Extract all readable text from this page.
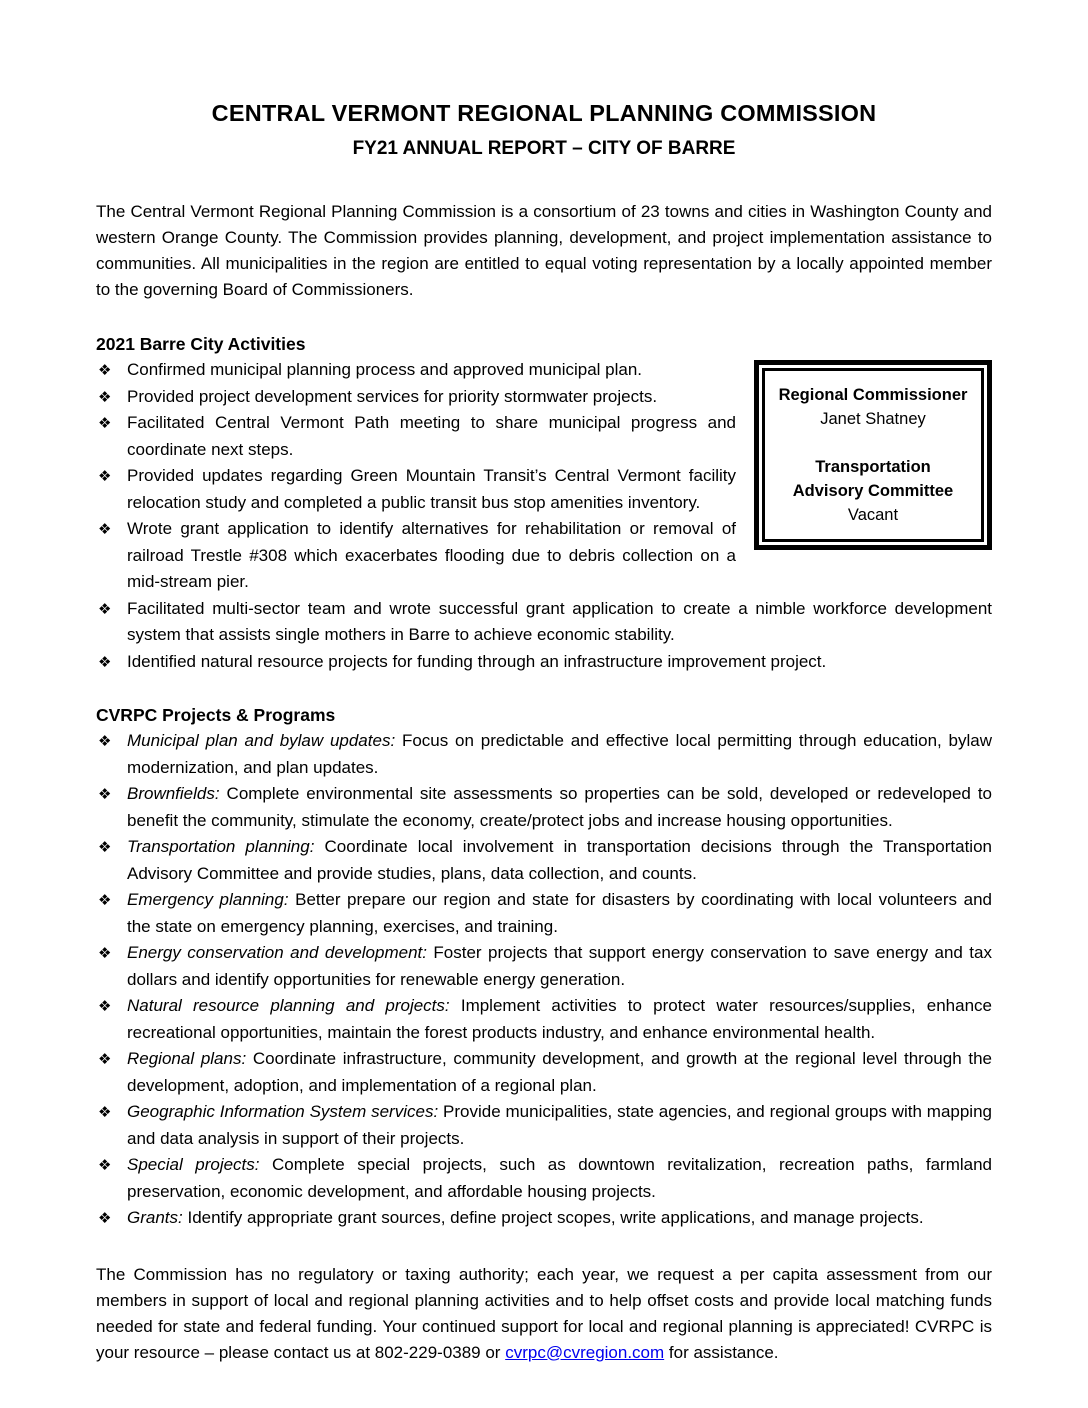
CENTRAL VERMONT REGIONAL PLANNING COMMISSION
FY21 ANNUAL REPORT – CITY OF BARRE

The Central Vermont Regional Planning Commission is a consortium of 23 towns and cities in Washington County and western Orange County. The Commission provides planning, development, and project implementation assistance to communities. All municipalities in the region are entitled to equal voting representation by a locally appointed member to the governing Board of Commissioners.

2021 Barre City Activities
Regional Commissioner
Janet Shatney
Transportation
Advisory Committee
Vacant
❖ Confirmed municipal planning process and approved municipal plan.
❖ Provided project development services for priority stormwater projects.
❖ Facilitated Central Vermont Path meeting to share municipal progress and coordinate next steps.
❖ Provided updates regarding Green Mountain Transit’s Central Vermont facility relocation study and completed a public transit bus stop amenities inventory.
❖ Wrote grant application to identify alternatives for rehabilitation or removal of railroad Trestle #308 which exacerbates flooding due to debris collection on a mid-stream pier.
❖ Facilitated multi-sector team and wrote successful grant application to create a nimble workforce development system that assists single mothers in Barre to achieve economic stability.
❖ Identified natural resource projects for funding through an infrastructure improvement project.
CVRPC Projects & Programs
❖ Municipal plan and bylaw updates: Focus on predictable and effective local permitting through education, bylaw modernization, and plan updates.
❖ Brownfields: Complete environmental site assessments so properties can be sold, developed or redeveloped to benefit the community, stimulate the economy, create/protect jobs and increase housing opportunities.
❖ Transportation planning: Coordinate local involvement in transportation decisions through the Transportation Advisory Committee and provide studies, plans, data collection, and counts.
❖ Emergency planning: Better prepare our region and state for disasters by coordinating with local volunteers and the state on emergency planning, exercises, and training.
❖ Energy conservation and development: Foster projects that support energy conservation to save energy and tax dollars and identify opportunities for renewable energy generation.
❖ Natural resource planning and projects: Implement activities to protect water resources/supplies, enhance recreational opportunities, maintain the forest products industry, and enhance environmental health.
❖ Regional plans: Coordinate infrastructure, community development, and growth at the regional level through the development, adoption, and implementation of a regional plan.
❖ Geographic Information System services: Provide municipalities, state agencies, and regional groups with mapping and data analysis in support of their projects.
❖ Special projects: Complete special projects, such as downtown revitalization, recreation paths, farmland preservation, economic development, and affordable housing projects.
❖ Grants: Identify appropriate grant sources, define project scopes, write applications, and manage projects.

The Commission has no regulatory or taxing authority; each year, we request a per capita assessment from our members in support of local and regional planning activities and to help offset costs and provide local matching funds needed for state and federal funding. Your continued support for local and regional planning is appreciated! CVRPC is your resource – please contact us at 802-229-0389 or cvrpc@cvregion.com for assistance.
